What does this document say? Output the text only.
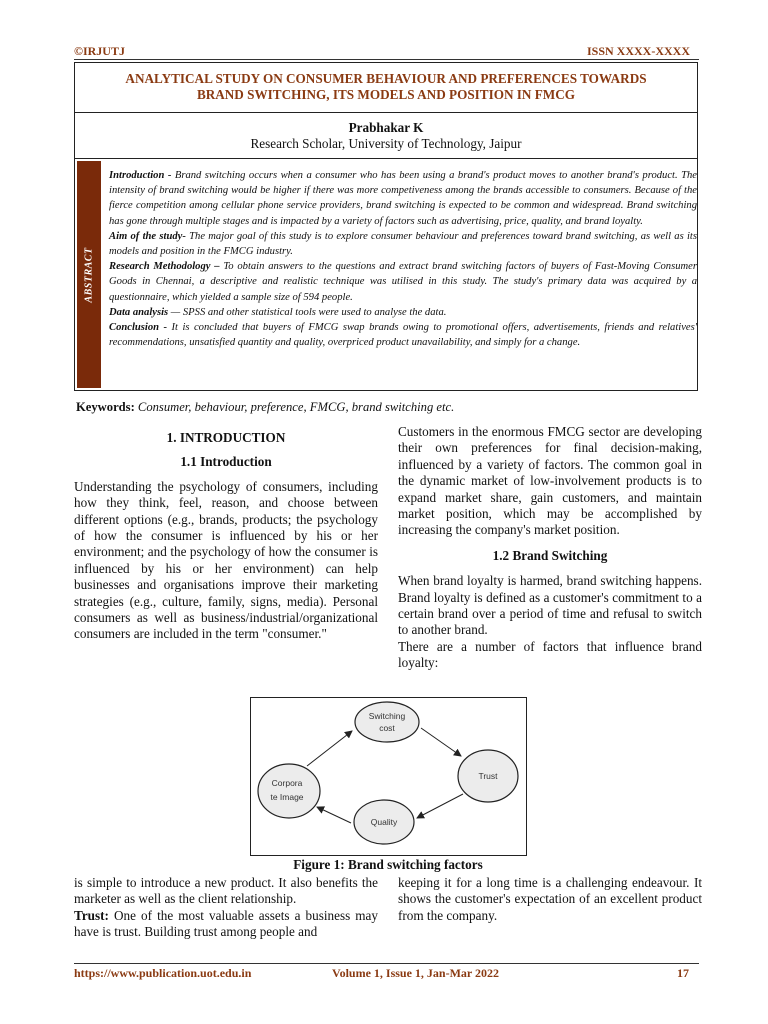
©IRJUTJ	ISSN XXXX-XXXX
ANALYTICAL STUDY ON CONSUMER BEHAVIOUR AND PREFERENCES TOWARDS
BRAND SWITCHING, ITS MODELS AND POSITION IN FMCG
Prabhakar K
Research Scholar, University of Technology, Jaipur
ABSTRACT

Introduction - Brand switching occurs when a consumer who has been using a brand's product moves to another brand's product. The intensity of brand switching would be higher if there was more competiveness among the brands accessible to consumers. Because of the fierce competition among cellular phone service providers, brand switching is expected to be common and widespread. Brand switching has gone through multiple stages and is impacted by a variety of factors such as advertising, price, quality, and brand loyalty.

Aim of the study- The major goal of this study is to explore consumer behaviour and preferences toward brand switching, as well as its models and position in the FMCG industry.

Research Methodology – To obtain answers to the questions and extract brand switching factors of buyers of Fast-Moving Consumer Goods in Chennai, a descriptive and realistic technique was utilised in this study. The study's primary data was acquired by a questionnaire, which yielded a sample size of 594 people.

Data analysis — SPSS and other statistical tools were used to analyse the data.

Conclusion - It is concluded that buyers of FMCG swap brands owing to promotional offers, advertisements, friends and relatives' recommendations, unsatisfied quantity and quality, overpriced product unavailability, and simply for a change.

Keywords: Consumer, behaviour, preference, FMCG, brand switching etc.
1. INTRODUCTION
1.1 Introduction

Understanding the psychology of consumers, including how they think, feel, reason, and choose between different options (e.g., brands, products; the psychology of how the consumer is influenced by his or her environment; and the psychology of how the consumer is influenced by his or her environment) can help businesses and organisations improve their marketing strategies (e.g., culture, family, signs, media). Personal consumers as well as business/industrial/organizational consumers are included in the term "consumer."

Customers in the enormous FMCG sector are developing their own preferences for final decision-making, influenced by a variety of factors. The common goal in the dynamic market of low-involvement products is to expand market share, gain customers, and maintain market position, which may be accomplished by increasing the company's market position.

1.2 Brand Switching

When brand loyalty is harmed, brand switching happens. Brand loyalty is defined as a customer's commitment to a certain brand over a period of time and refusal to switch to another brand.

There are a number of factors that influence brand loyalty:

Switching
cost
Trust
Corpora
te Image
Quality
Figure 1: Brand switching factors

is simple to introduce a new product. It also benefits the marketer as well as the client relationship.

Trust: One of the most valuable assets a business may have is trust. Building trust among people and

keeping it for a long time is a challenging endeavour. It shows the customer's expectation of an excellent product from the company.

https://www.publication.uot.edu.in	Volume 1, Issue 1, Jan-Mar 2022	17
